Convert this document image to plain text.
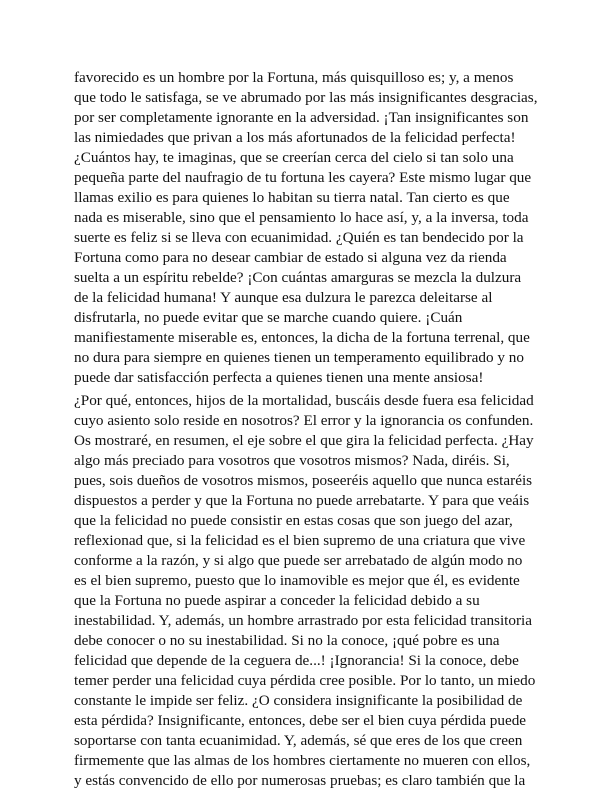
favorecido es un hombre por la Fortuna, más quisquilloso es; y, a menos
que todo le satisfaga, se ve abrumado por las más insignificantes desgracias,
por ser completamente ignorante en la adversidad. ¡Tan insignificantes son
las nimiedades que privan a los más afortunados de la felicidad perfecta!
¿Cuántos hay, te imaginas, que se creerían cerca del cielo si tan solo una
pequeña parte del naufragio de tu fortuna les cayera? Este mismo lugar que
llamas exilio es para quienes lo habitan su tierra natal. Tan cierto es que
nada es miserable, sino que el pensamiento lo hace así, y, a la inversa, toda
suerte es feliz si se lleva con ecuanimidad. ¿Quién es tan bendecido por la
Fortuna como para no desear cambiar de estado si alguna vez da rienda
suelta a un espíritu rebelde? ¡Con cuántas amarguras se mezcla la dulzura
de la felicidad humana! Y aunque esa dulzura le parezca deleitarse al
disfrutarla, no puede evitar que se marche cuando quiere. ¡Cuán
manifiestamente miserable es, entonces, la dicha de la fortuna terrenal, que
no dura para siempre en quienes tienen un temperamento equilibrado y no
puede dar satisfacción perfecta a quienes tienen una mente ansiosa!

¿Por qué, entonces, hijos de la mortalidad, buscáis desde fuera esa felicidad
cuyo asiento solo reside en nosotros? El error y la ignorancia os confunden.
Os mostraré, en resumen, el eje sobre el que gira la felicidad perfecta. ¿Hay
algo más preciado para vosotros que vosotros mismos? Nada, diréis. Si,
pues, sois dueños de vosotros mismos, poseeréis aquello que nunca estaréis
dispuestos a perder y que la Fortuna no puede arrebatarte. Y para que veáis
que la felicidad no puede consistir en estas cosas que son juego del azar,
reflexionad que, si la felicidad es el bien supremo de una criatura que vive
conforme a la razón, y si algo que puede ser arrebatado de algún modo no
es el bien supremo, puesto que lo inamovible es mejor que él, es evidente
que la Fortuna no puede aspirar a conceder la felicidad debido a su
inestabilidad. Y, además, un hombre arrastrado por esta felicidad transitoria
debe conocer o no su inestabilidad. Si no la conoce, ¡qué pobre es una
felicidad que depende de la ceguera de...! ¡Ignorancia! Si la conoce, debe
temer perder una felicidad cuya pérdida cree posible. Por lo tanto, un miedo
constante le impide ser feliz. ¿O considera insignificante la posibilidad de
esta pérdida? Insignificante, entonces, debe ser el bien cuya pérdida puede
soportarse con tanta ecuanimidad. Y, además, sé que eres de los que creen
firmemente que las almas de los hombres ciertamente no mueren con ellos,
y estás convencido de ello por numerosas pruebas; es claro también que la
